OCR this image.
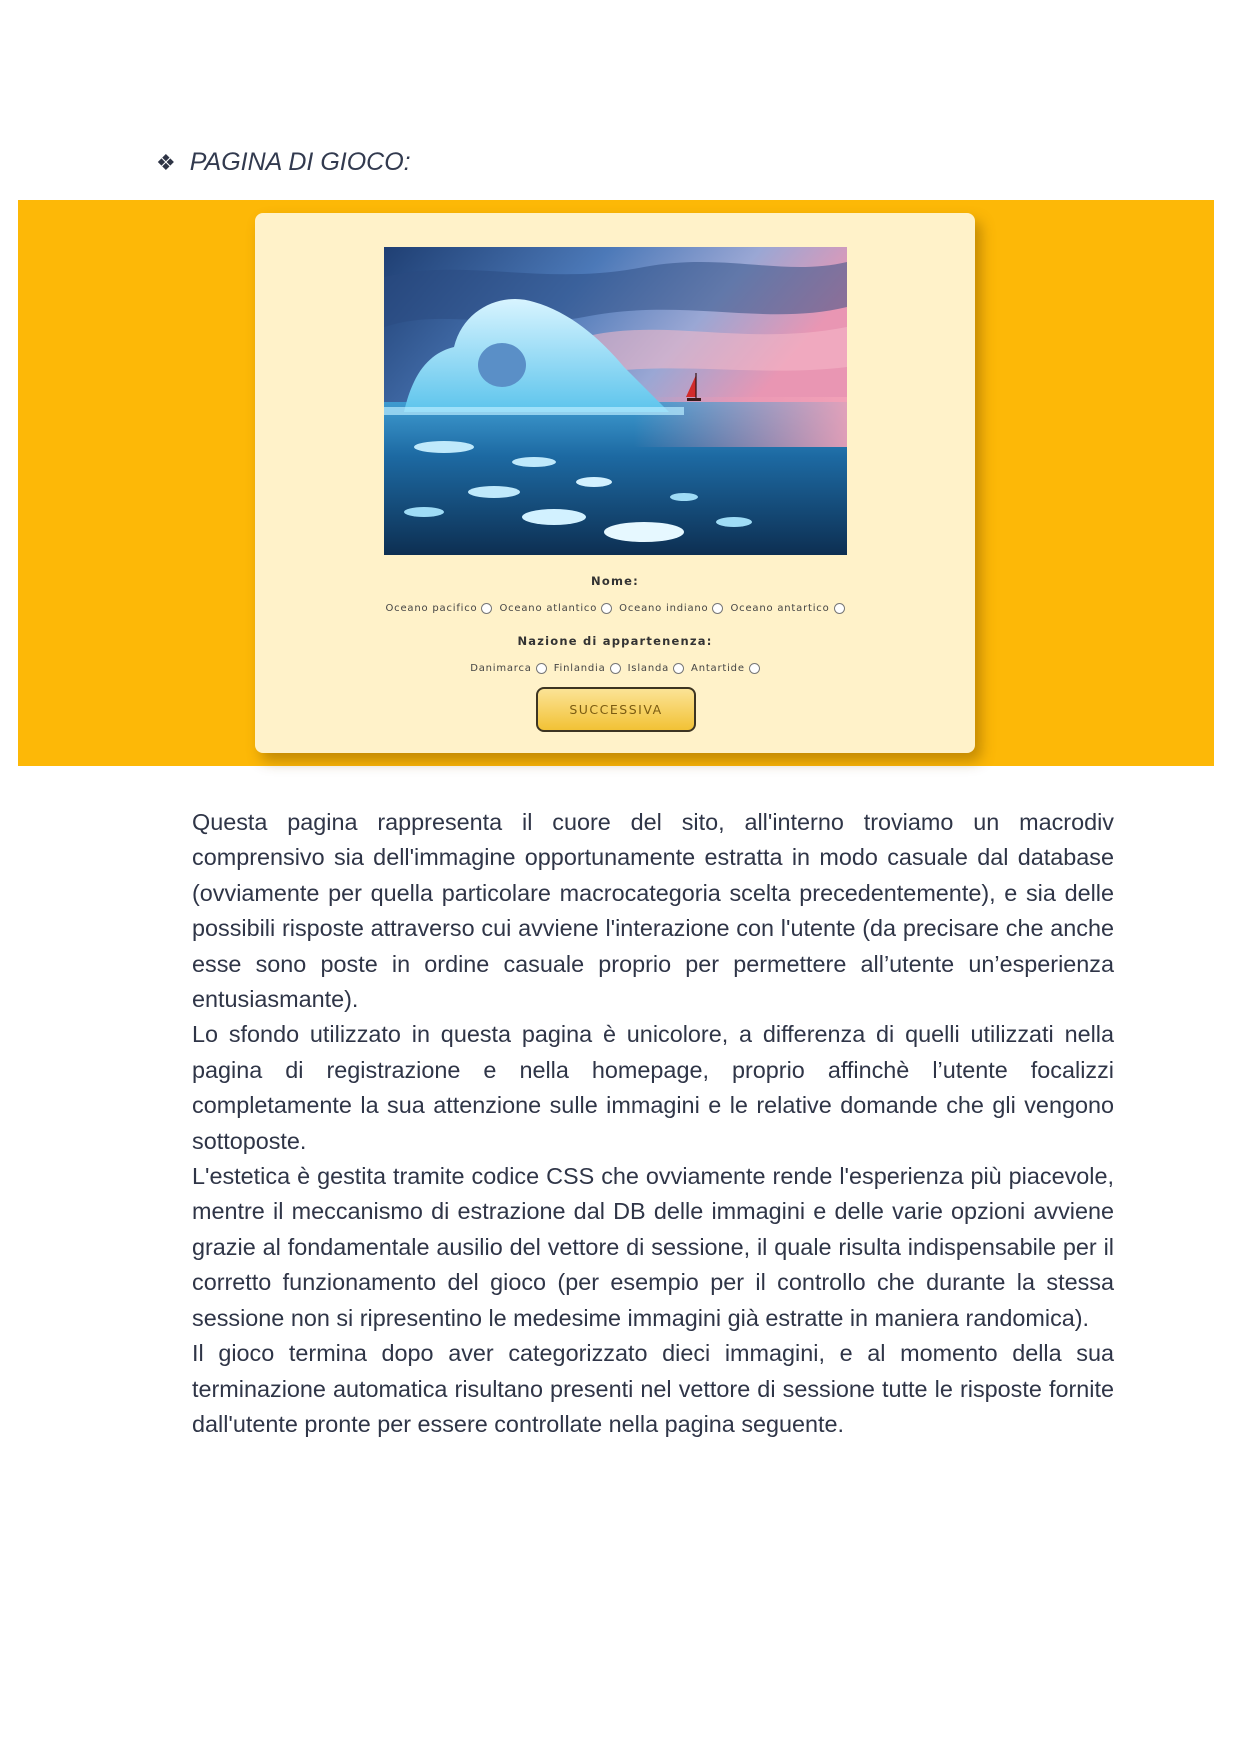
❖ PAGINA DI GIOCO:
Nome:
Oceano pacifico Oceano atlantico Oceano indiano Oceano antartico
Nazione di appartenenza:
Danimarca Finlandia Islanda Antartide
SUCCESSIVA

Questa pagina rappresenta il cuore del sito, all'interno troviamo un macrodiv comprensivo sia dell'immagine opportunamente estratta in modo casuale dal database (ovviamente per quella particolare macrocategoria scelta precedentemente), e sia delle possibili risposte attraverso cui avviene l'interazione con l'utente (da precisare che anche esse sono poste in ordine casuale proprio per permettere all’utente un’esperienza entusiasmante).

Lo sfondo utilizzato in questa pagina è unicolore, a differenza di quelli utilizzati nella pagina di registrazione e nella homepage, proprio affinchè l’utente focalizzi completamente la sua attenzione sulle immagini e le relative domande che gli vengono sottoposte.

L'estetica è gestita tramite codice CSS che ovviamente rende l'esperienza più piacevole, mentre il meccanismo di estrazione dal DB delle immagini e delle varie opzioni avviene grazie al fondamentale ausilio del vettore di sessione, il quale risulta indispensabile per il corretto funzionamento del gioco (per esempio per il controllo che durante la stessa sessione non si ripresentino le medesime immagini già estratte in maniera randomica).

Il gioco termina dopo aver categorizzato dieci immagini, e al momento della sua terminazione automatica risultano presenti nel vettore di sessione tutte le risposte fornite dall'utente pronte per essere controllate nella pagina seguente.
